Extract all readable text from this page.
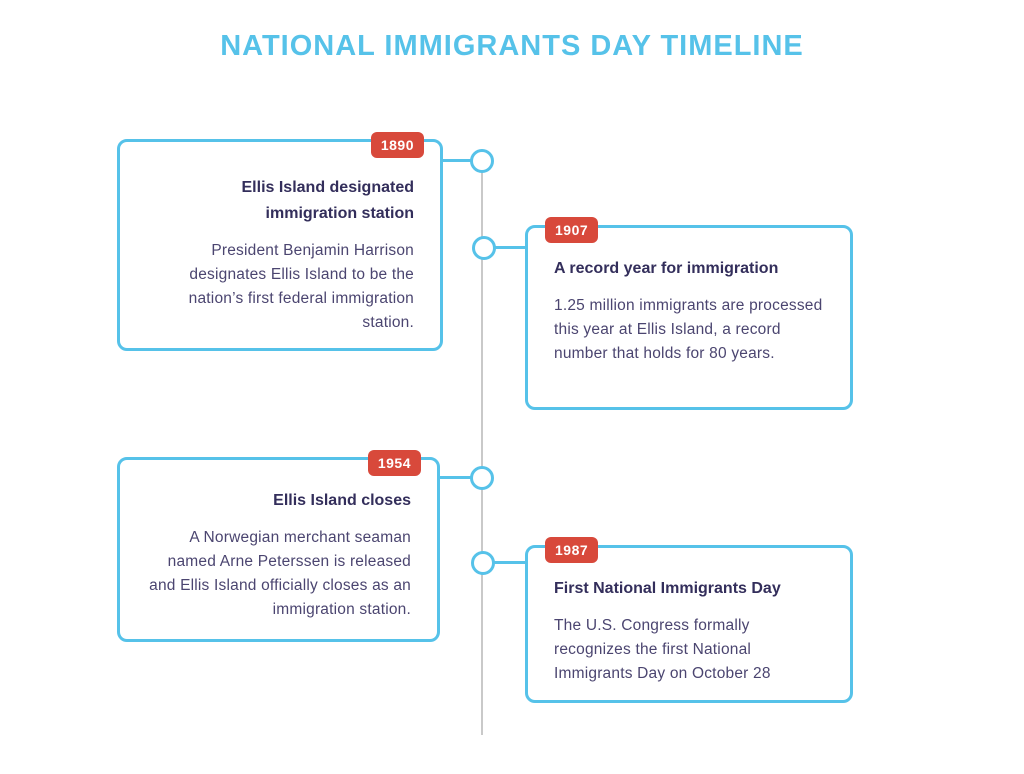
NATIONAL IMMIGRANTS DAY TIMELINE
1890
Ellis Island designated immigration station
President Benjamin Harrison designates Ellis Island to be the nation’s first federal immigration station.
1907
A record year for immigration
1.25 million immigrants are processed this year at Ellis Island, a record number that holds for 80 years.
1954
Ellis Island closes
A Norwegian merchant seaman named Arne Peterssen is released and Ellis Island officially closes as an immigration station.
1987
First National Immigrants Day
The U.S. Congress formally recognizes the first National Immigrants Day on October 28
